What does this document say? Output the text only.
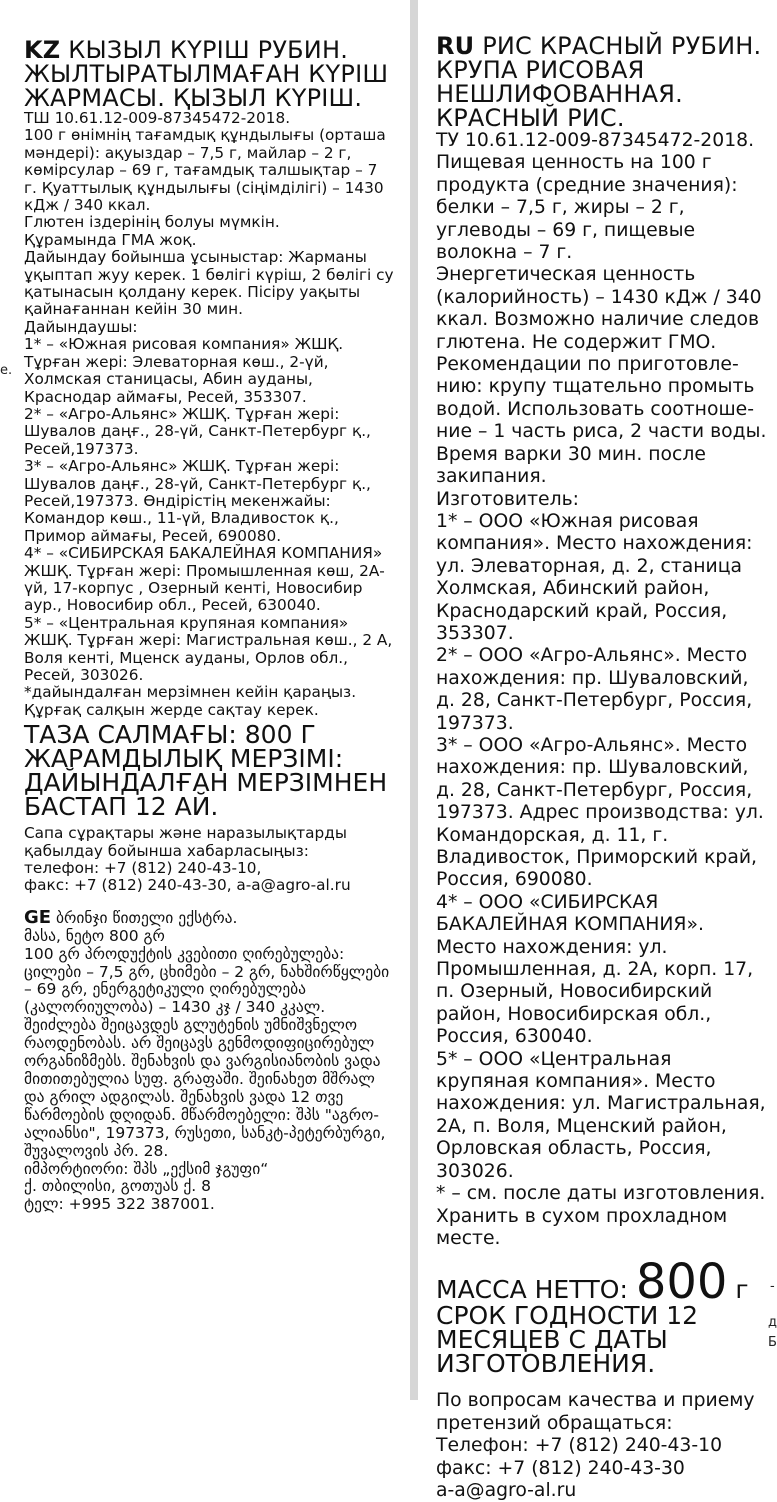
е.
-
д
Б

KZ КЫЗЫЛ КҮРІШ РУБИН. ЖЫЛТЫРАТЫЛМАҒАН КҮРІШ ЖАРМАСЫ. ҚЫЗЫЛ КҮРІШ.

ТШ 10.61.12-009-87345472-2018.

100 г өнімнің тағамдық құндылығы (орташа мәндері): ақуыздар – 7,5 г, майлар – 2 г, көмірсулар – 69 г, тағамдық талшықтар – 7 г. Қуаттылық құндылығы (сіңімділігі) – 1430 кДж / 340 ккал.

Глютен іздерінің болуы мүмкін.

Құрамында ГМА жоқ.

Дайындау бойынша ұсыныстар: Жарманы ұқыптап жуу керек. 1 бөлігі күріш, 2 бөлігі су қатынасын қолдану керек. Пісіру уақыты қайнағаннан кейін 30 мин.

Дайындаушы:

1* – «Южная рисовая компания» ЖШҚ. Тұрған жері: Элеваторная көш., 2-үй, Холмская станицасы, Абин ауданы, Краснодар аймағы, Ресей, 353307.

2* – «Агро-Альянс» ЖШҚ. Тұрған жері: Шувалов даңғ., 28-үй, Санкт-Петербург қ., Ресей,197373.

3* – «Агро-Альянс» ЖШҚ. Тұрған жері: Шувалов даңғ., 28-үй, Санкт-Петербург қ., Ресей,197373. Өндірістің мекенжайы: Командор көш., 11-үй, Владивосток қ., Примор аймағы, Ресей, 690080.

4* – «СИБИРСКАЯ БАКАЛЕЙНАЯ КОМПАНИЯ» ЖШҚ. Тұрған жері: Промышленная көш, 2А-үй, 17-корпус , Озерный кенті, Новосибир аур., Новосибир обл., Ресей, 630040.

5* – «Центральная крупяная компания» ЖШҚ. Тұрған жері: Магистральная көш., 2 А, Воля кенті, Мценск ауданы, Орлов обл., Ресей, 303026.

*дайындалған мерзімнен кейін қараңыз.

Құрғақ салқын жерде сақтау керек.

ТАЗА САЛМАҒЫ: 800 Г

ЖАРАМДЫЛЫҚ МЕРЗІМІ: ДАЙЫНДАЛҒАН МЕРЗІМНЕН БАСТАП 12 АЙ.

Сапа сұрақтары және наразылықтарды қабылдау бойынша хабарласыңыз:

телефон: +7 (812) 240-43-10,

факс: +7 (812) 240-43-30, a-a@agro-al.ru

GE ბრინჯი წითელი ექსტრა.

მასა, ნეტო 800 გრ

100 გრ პროდუქტის კვებითი ღირებულება: ცილები – 7,5 გრ, ცხიმები – 2 გრ, ნახშირწყლები – 69 გრ, ენერგეტიკული ღირებულება (კალორიულობა) – 1430 კჯ / 340 კკალ. შეიძლება შეიცავდეს გლუტენის უმნიშვნელო რაოდენობას. არ შეიცავს გენმოდიფიცირებულ ორგანიზმებს. შენახვის და ვარგისიანობის ვადა მითითებულია სუფ. გრაფაში. შეინახეთ მშრალ და გრილ ადგილას. შენახვის ვადა 12 თვე წარმოების დღიდან. მწარმოებელი: შპს "აგრო-ალიანსი", 197373, რუსეთი, სანკტ-პეტერბურგი, შუვალოვის პრ. 28.

იმპორტიორი: შპს „ექსიმ ჯგუფი“

ქ. თბილისი, გოთუას ქ. 8

ტელ: +995 322 387001.

RU РИС КРАСНЫЙ РУБИН. КРУПА РИСОВАЯ НЕШЛИФОВАННАЯ. КРАСНЫЙ РИС.

ТУ 10.61.12-009-87345472-2018.

Пищевая ценность на 100 г продукта (средние значения): белки – 7,5 г, жиры – 2 г, углеводы – 69 г, пищевые волокна – 7 г.

Энергетическая ценность (калорийность) – 1430 кДж / 340 ккал. Возможно наличие следов глютена. Не содержит ГМО.

Рекомендации по приготовле-нию: крупу тщательно промыть водой. Использовать соотноше-ние – 1 часть риса, 2 части воды. Время варки 30 мин. после закипания.

Изготовитель:

1* – ООО «Южная рисовая компания». Место нахождения: ул. Элеваторная, д. 2, станица Холмская, Абинский район, Краснодарский край, Россия, 353307.

2* – ООО «Агро-Альянс». Место нахождения: пр. Шуваловский, д. 28, Санкт-Петербург, Россия, 197373.

3* – ООО «Агро-Альянс». Место нахождения: пр. Шуваловский, д. 28, Санкт-Петербург, Россия, 197373. Адрес производства: ул. Командорская, д. 11, г. Владивосток, Приморский край, Россия, 690080.

4* – ООО «СИБИРСКАЯ БАКАЛЕЙНАЯ КОМПАНИЯ». Место нахождения: ул. Промышленная, д. 2А, корп. 17, п. Озерный, Новосибирский район, Новосибирская обл., Россия, 630040.

5* – ООО «Центральная крупяная компания». Место нахождения: ул. Магистральная, 2А, п. Воля, Мценский район, Орловская область, Россия, 303026.

* – см. после даты изготовления.

Хранить в сухом прохладном месте.

МАССА НЕТТО: 800 г

СРОК ГОДНОСТИ 12 МЕСЯЦЕВ С ДАТЫ ИЗГОТОВЛЕНИЯ.

По вопросам качества и приему претензий обращаться:

Телефон: +7 (812) 240-43-10

факс: +7 (812) 240-43-30

a-a@agro-al.ru
